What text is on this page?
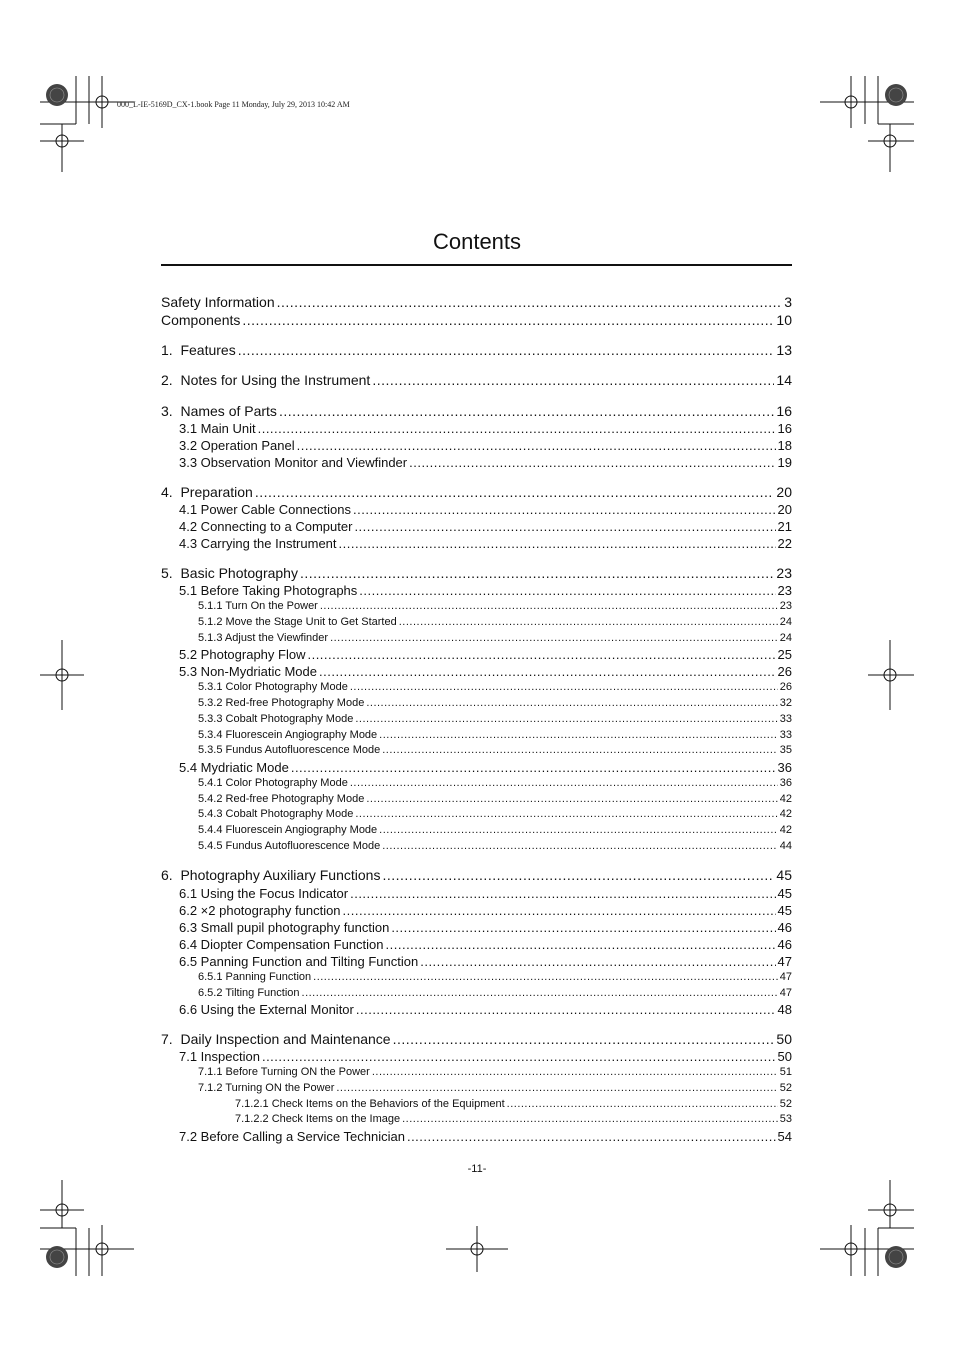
000_L-IE-5169D_CX-1.book Page 11 Monday, July 29, 2013 10:42 AM
Contents
Safety Information .....	3
Components .....	10
1.  Features .....	13
2.  Notes for Using the Instrument .....	14
3.  Names of Parts .....	16
3.1 Main Unit .....	16
3.2 Operation Panel .....	18
3.3 Observation Monitor and Viewfinder .....	19
4.  Preparation .....	20
4.1 Power Cable Connections .....	20
4.2 Connecting to a Computer .....	21
4.3 Carrying the Instrument .....	22
5.  Basic Photography .....	23
5.1 Before Taking Photographs .....	23
5.1.1 Turn On the Power .....	23
5.1.2 Move the Stage Unit to Get Started .....	24
5.1.3 Adjust the Viewfinder .....	24
5.2 Photography Flow .....	25
5.3 Non-Mydriatic Mode .....	26
5.3.1 Color Photography Mode .....	26
5.3.2 Red-free Photography Mode .....	32
5.3.3 Cobalt Photography Mode .....	33
5.3.4 Fluorescein Angiography Mode .....	33
5.3.5 Fundus Autofluorescence Mode .....	35
5.4 Mydriatic Mode .....	36
5.4.1 Color Photography Mode .....	36
5.4.2 Red-free Photography Mode .....	42
5.4.3 Cobalt Photography Mode .....	42
5.4.4 Fluorescein Angiography Mode .....	42
5.4.5 Fundus Autofluorescence Mode .....	44
6.  Photography Auxiliary Functions .....	45
6.1 Using the Focus Indicator .....	45
6.2 ×2 photography function .....	45
6.3 Small pupil photography function .....	46
6.4 Diopter Compensation Function .....	46
6.5 Panning Function and Tilting Function .....	47
6.5.1 Panning Function .....	47
6.5.2 Tilting Function .....	47
6.6 Using the External Monitor .....	48
7.  Daily Inspection and Maintenance .....	50
7.1 Inspection .....	50
7.1.1 Before Turning ON the Power .....	51
7.1.2 Turning ON the Power .....	52
7.1.2.1 Check Items on the Behaviors of the Equipment .....	52
7.1.2.2 Check Items on the Image .....	53
7.2 Before Calling a Service Technician .....	54
-11-
